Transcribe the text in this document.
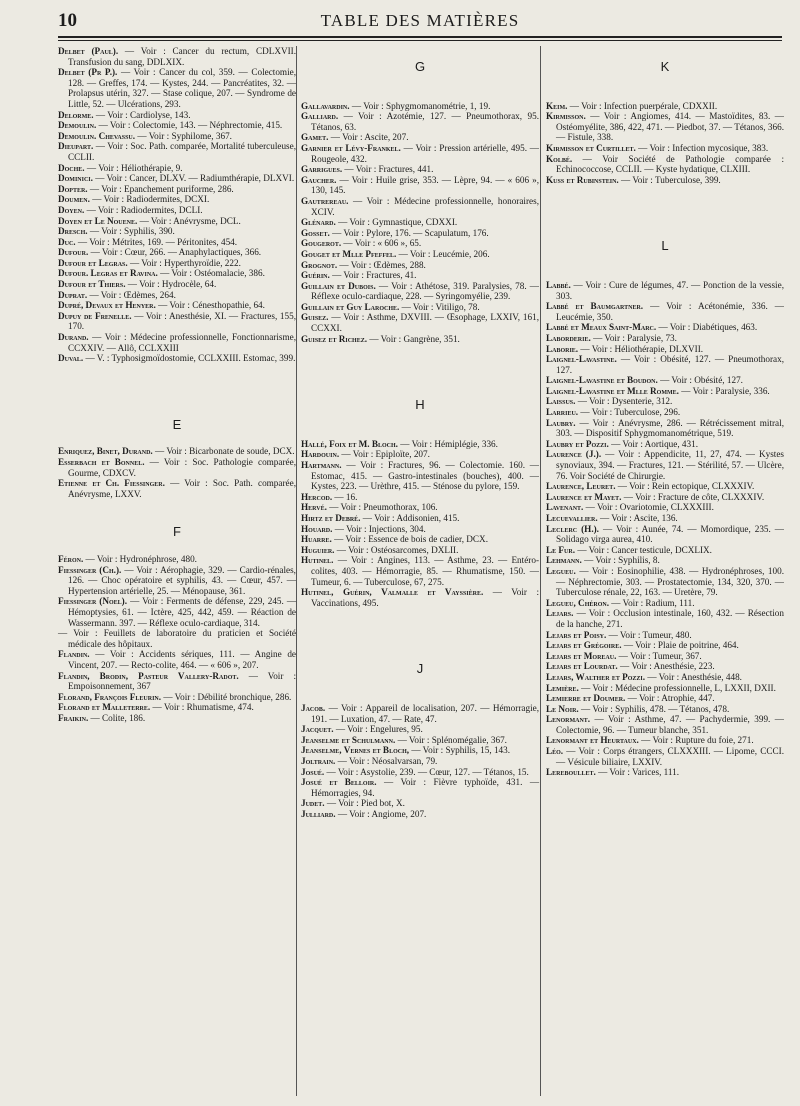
10	TABLE DES MATIÈRES
Delbet (Paul). — Voir : Cancer du rectum, CDLXVII. Transfusion du sang, DDLXIX.
Delbet (Pr P.). — Voir : Cancer du col, 359. — Colectomie, 128. — Greffes, 174. — Kystes, 244. — Pancréatites, 32. — Prolapsus utérin, 327. — Stase colique, 207. — Syndrome de Little, 52. — Ulcérations, 293.
Delorme. — Voir : Cardiolyse, 143.
Demoulin. — Voir : Colectomie, 143. — Néphrectomie, 415.
Demoulin. Chevassu. — Voir : Syphilome, 367.
Dieupart. — Voir : Soc. Path. comparée, Mortalité tuberculeuse, CCLII.
Doche. — Voir : Héliothérapie, 9.
Dominici. — Voir : Cancer, DLXV. — Radiumthérapie, DLXVI.
Dopter. — Voir : Epanchement puriforme, 286.
Doumen. — Voir : Radiodermites, DCXI.
Doyen. — Voir : Radiodermites, DCLI.
Doyen et Le Nouene. — Voir : Anévrysme, DCL.
Dresch. — Voir : Syphilis, 390.
Duc. — Voir : Métrites, 169. — Péritonites, 454.
Dufour. — Voir : Cœur, 266. — Anaphylactiques, 366.
Dufour et Legras. — Voir : Hyperthyroïdie, 222.
Dufour. Legras et Ravina. — Voir : Ostéomalacie, 386.
Dufour et Thiers. — Voir : Hydrocèle, 64.
Duprat. — Voir : Œdèmes, 264.
Dupré, Devaux et Henyer. — Voir : Cénesthopathie, 64.
Dupuy de Frenelle. — Voir : Anesthésie, XI. — Fractures, 155, 170.
Durand. — Voir : Médecine professionnelle, Fonctionnarisme, CCXXIV. — Allô, CCLXXIII
Duval. — V. : Typhosigmoïdostomie, CCLXXIII. Estomac, 399.
E
Enriquez, Binet, Durand. — Voir : Bicarbonate de soude, DCX.
Esserbach et Bonnel. — Voir : Soc. Pathologie comparée, Gourme, CDXCV.
Etienne et Ch. Fiessinger. — Voir : Soc. Path. comparée, Anévrysme, LXXV.
F
Féron. — Voir : Hydronéphrose, 480.
Fiessinger (Ch.). — Voir : Aérophagie, 329. — Cardio-rénales, 126. — Choc opératoire et syphilis, 43. — Cœur, 457. — Hypertension artérielle, 25. — Ménopause, 361.
Fiessinger (Noel). — Voir : Ferments de défense, 229, 245. — Hémoptysies, 61. — Ictère, 425, 442, 459. — Réaction de Wassermann. 397. — Réflexe oculo-cardiaque, 314.
— Voir : Feuillets de laboratoire du praticien et Société médicale des hôpitaux.
Flandin. — Voir : Accidents sériques, 111. — Angine de Vincent, 207. — Recto-colite, 464. — « 606 », 207.
Flandin, Brodin, Pasteur Vallery-Radot. — Voir : Empoisonnement, 367
Florand, François Fleurin. — Voir : Débilité bronchique, 286.
Florand et Malleterre. — Voir : Rhumatisme, 474.
Fraikin. — Colite, 186.
G
Gallavardin. — Voir : Sphygmomanométrie, 1, 19.
Galliard. — Voir : Azotémie, 127. — Pneumothorax, 95. Tétanos, 63.
Gamet. — Voir : Ascite, 207.
Garnier et Lévy-Frankel. — Voir : Pression artérielle, 495. — Rougeole, 432.
Garrigues. — Voir : Fractures, 441.
Gaucher. — Voir : Huile grise, 353. — Lèpre, 94. — « 606 », 130, 145.
Gautrereau. — Voir : Médecine professionnelle, honoraires, XCIV.
Glénard. — Voir : Gymnastique, CDXXI.
Gosset. — Voir : Pylore, 176. — Scapulatum, 176.
Gougerot. — Voir : « 606 », 65.
Gouget et Mlle Pfeffel. — Voir : Leucémie, 206.
Grognot. — Voir : Œdèmes, 288.
Guérin. — Voir : Fractures, 41.
Guillain et Dubois. — Voir : Athétose, 319. Paralysies, 78. — Réflexe oculo-cardiaque, 228. — Syringomyélie, 239.
Guillain et Guy Laroche. — Voir : Vitiligo, 78.
Guisez. — Voir : Asthme, DXVIII. — Œsophage, LXXIV, 161, CCXXI.
Guisez et Richez. — Voir : Gangrène, 351.
H
Hallé, Foix et M. Bloch. — Voir : Hémiplégie, 336.
Hardouin. — Voir : Epiploïte, 207.
Hartmann. — Voir : Fractures, 96. — Colectomie. 160. — Estomac, 415. — Gastro-intestinales (bouches), 400. — Kystes, 223. — Urèthre, 415. — Sténose du pylore, 159.
Hercod. — 16.
Hervé. — Voir : Pneumothorax, 106.
Hirtz et Debré. — Voir : Addisonien, 415.
Houard. — Voir : Injections, 304.
Huarre. — Voir : Essence de bois de cadier, DCX.
Huguier. — Voir : Ostéosarcomes, DXLII.
Hutinel. — Voir : Angines, 113. — Asthme, 23. — Entéro-colites, 403. — Hémorragie, 85. — Rhumatisme, 150. — Tumeur, 6. — Tuberculose, 67, 275.
Hutinel, Guérin, Valmalle et Vayssière. — Voir : Vaccinations, 495.
J
Jacob. — Voir : Appareil de localisation, 207. — Hémorragie, 191. — Luxation, 47. — Rate, 47.
Jacquet. — Voir : Engelures, 95.
Jeanselme et Schulmann. — Voir : Splénomégalie, 367.
Jeanselme, Vernes et Bloch, — Voir : Syphilis, 15, 143.
Joltrain. — Voir : Néosalvarsan, 79.
Josué. — Voir : Asystolie, 239. — Cœur, 127. — Tétanos, 15.
Josué et Belloir. — Voir : Fièvre typhoïde, 431. — Hémorragies, 94.
Judet. — Voir : Pied bot, X.
Julliard. — Voir : Angiome, 207.
K
Keim. — Voir : Infection puerpérale, CDXXII.
Kirmisson. — Voir : Angiomes, 414. — Mastoïdites, 83. — Ostéomyélite, 386, 422, 471. — Piedbot, 37. — Tétanos, 366. — Fistule, 338.
Kirmisson et Curtillet. — Voir : Infection mycosique, 383.
Kolbé. — Voir Société de Pathologie comparée : Echinococcose, CCLII. — Kyste hydatique, CLXIII.
Kuss et Rubinstein. — Voir : Tuberculose, 399.
L
Labbé. — Voir : Cure de légumes, 47. — Ponction de la vessie, 303.
Labbé et Baumgartner. — Voir : Acétonémie, 336. — Leucémie, 350.
Labbé et Meaux Saint-Marc. — Voir : Diabétiques, 463.
Laborderie. — Voir : Paralysie, 73.
Laborie. — Voir : Héliothérapie, DLXVII.
Laignel-Lavastine. — Voir : Obésité, 127. — Pneumothorax, 127.
Laignel-Lavastine et Boudon. — Voir : Obésité, 127.
Laignel-Lavastine et Mlle Romme. — Voir : Paralysie, 336.
Laissus. — Voir : Dysenterie, 312.
Larrieu. — Voir : Tuberculose, 296.
Laubry. — Voir : Anévrysme, 286. — Rétrécissement mitral, 303. — Dispositif Sphygmomanométrique, 519.
Laubry et Pozzi. — Voir : Aortique, 431.
Laurence (J.). — Voir : Appendicite, 11, 27, 474. — Kystes synoviaux, 394. — Fractures, 121. — Stérilité, 57. — Ulcère, 76. Voir Société de Chirurgie.
Laurence, Leuret. — Voir : Rein ectopique, CLXXXIV.
Laurence et Mayet. — Voir : Fracture de côte, CLXXXIV.
Lavenant. — Voir : Ovariotomie, CLXXXIII.
Lecuevallier. — Voir : Ascite, 136.
Leclerc (H.). — Voir : Aunée, 74. — Momordique, 235. — Solidago virga aurea, 410.
Le Fur. — Voir : Cancer testicule, DCXLIX.
Lehmann. — Voir : Syphilis, 8.
Legueu. — Voir : Eosinophilie, 438. — Hydronéphroses, 100. — Néphrectomie, 303. — Prostatectomie, 134, 320, 370. — Tuberculose rénale, 22, 163. — Uretère, 79.
Legueu, Chéron. — Voir : Radium, 111.
Lejars. — Voir : Occlusion intestinale, 160, 432. — Résection de la hanche, 271.
Lejars et Poisy. — Voir : Tumeur, 480.
Lejars et Grégoire. — Voir : Plaie de poitrine, 464.
Lejars et Moreau. — Voir : Tumeur, 367.
Lejars et Lourdat. — Voir : Anesthésie, 223.
Lejars, Walther et Pozzi. — Voir : Anesthésie, 448.
Lemière. — Voir : Médecine professionnelle, L, LXXII, DXII.
Lemierre et Doumer. — Voir : Atrophie, 447.
Le Noir. — Voir : Syphilis, 478. — Tétanos, 478.
Lenormant. — Voir : Asthme, 47. — Pachydermie, 399. — Colectomie, 96. — Tumeur blanche, 351.
Lenormant et Heurtaux. — Voir : Rupture du foie, 271.
Léo. — Voir : Corps étrangers, CLXXXIII. — Lipome, CCCI. — Vésicule biliaire, LXXIV.
Lereboullet. — Voir : Varices, 111.
